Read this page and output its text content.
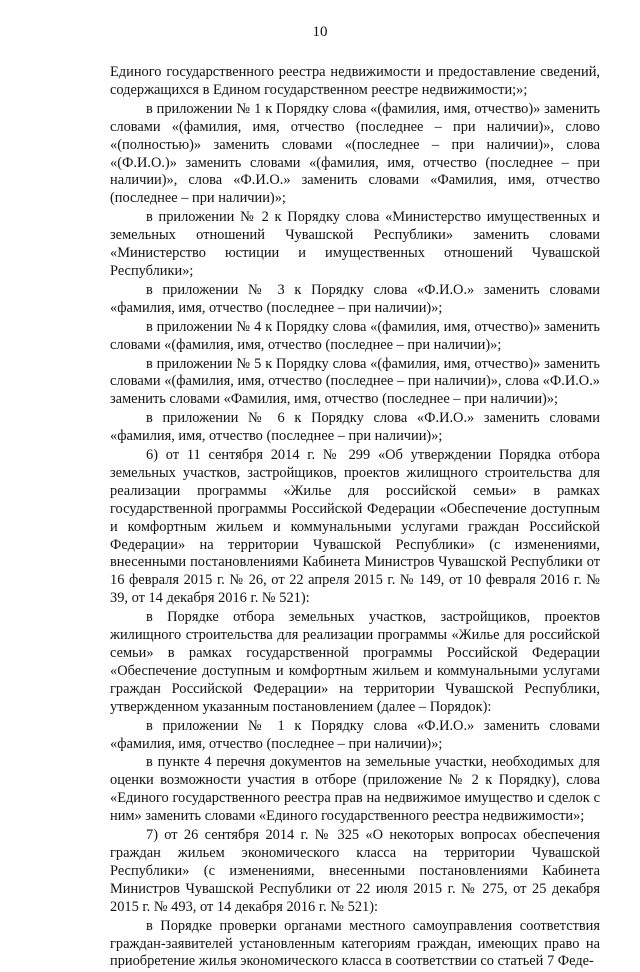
10

Единого государственного реестра недвижимости и предоставление сведений, содержащихся в Едином государственном реестре недвижимости;»;

в приложении № 1 к Порядку слова «(фамилия, имя, отчество)» заменить словами «(фамилия, имя, отчество (последнее – при наличии)», слово «(полностью)» заменить словами «(последнее – при наличии)», слова «(Ф.И.О.)» заменить словами «(фамилия, имя, отчество (последнее – при наличии)», слова «Ф.И.О.» заменить словами «Фамилия, имя, отчество (последнее – при наличии)»;

в приложении № 2 к Порядку слова «Министерство имущественных и земельных отношений Чувашской Республики» заменить словами «Министерство юстиции и имущественных отношений Чувашской Республики»;

в приложении № 3 к Порядку слова «Ф.И.О.» заменить словами «фамилия, имя, отчество (последнее – при наличии)»;

в приложении № 4 к Порядку слова «(фамилия, имя, отчество)» заменить словами «(фамилия, имя, отчество (последнее – при наличии)»;

в приложении № 5 к Порядку слова «(фамилия, имя, отчество)» заменить словами «(фамилия, имя, отчество (последнее – при наличии)», слова «Ф.И.О.» заменить словами «Фамилия, имя, отчество (последнее – при наличии)»;

в приложении № 6 к Порядку слова «Ф.И.О.» заменить словами «фамилия, имя, отчество (последнее – при наличии)»;

6) от 11 сентября 2014 г. № 299 «Об утверждении Порядка отбора земельных участков, застройщиков, проектов жилищного строительства для реализации программы «Жилье для российской семьи» в рамках государственной программы Российской Федерации «Обеспечение доступным и комфортным жильем и коммунальными услугами граждан Российской Федерации» на территории Чувашской Республики» (с изменениями, внесенными постановлениями Кабинета Министров Чувашской Республики от 16 февраля 2015 г. № 26, от 22 апреля 2015 г. № 149, от 10 февраля 2016 г. № 39, от 14 декабря 2016 г. № 521):

в Порядке отбора земельных участков, застройщиков, проектов жилищного строительства для реализации программы «Жилье для российской семьи» в рамках государственной программы Российской Федерации «Обеспечение доступным и комфортным жильем и коммунальными услугами граждан Российской Федерации» на территории Чувашской Республики, утвержденном указанным постановлением (далее – Порядок):

в приложении № 1 к Порядку слова «Ф.И.О.» заменить словами «фамилия, имя, отчество (последнее – при наличии)»;

в пункте 4 перечня документов на земельные участки, необходимых для оценки возможности участия в отборе (приложение № 2 к Порядку), слова «Единого государственного реестра прав на недвижимое имущество и сделок с ним» заменить словами «Единого государственного реестра недвижимости»;

7) от 26 сентября 2014 г. № 325 «О некоторых вопросах обеспечения граждан жильем экономического класса на территории Чувашской Республики» (с изменениями, внесенными постановлениями Кабинета Министров Чувашской Республики от 22 июля 2015 г. № 275, от 25 декабря 2015 г. № 493, от 14 декабря 2016 г. № 521):

в Порядке проверки органами местного самоуправления соответствия граждан-заявителей установленным категориям граждан, имеющих право на приобретение жилья экономического класса в соответствии со статьей 7 Феде-
